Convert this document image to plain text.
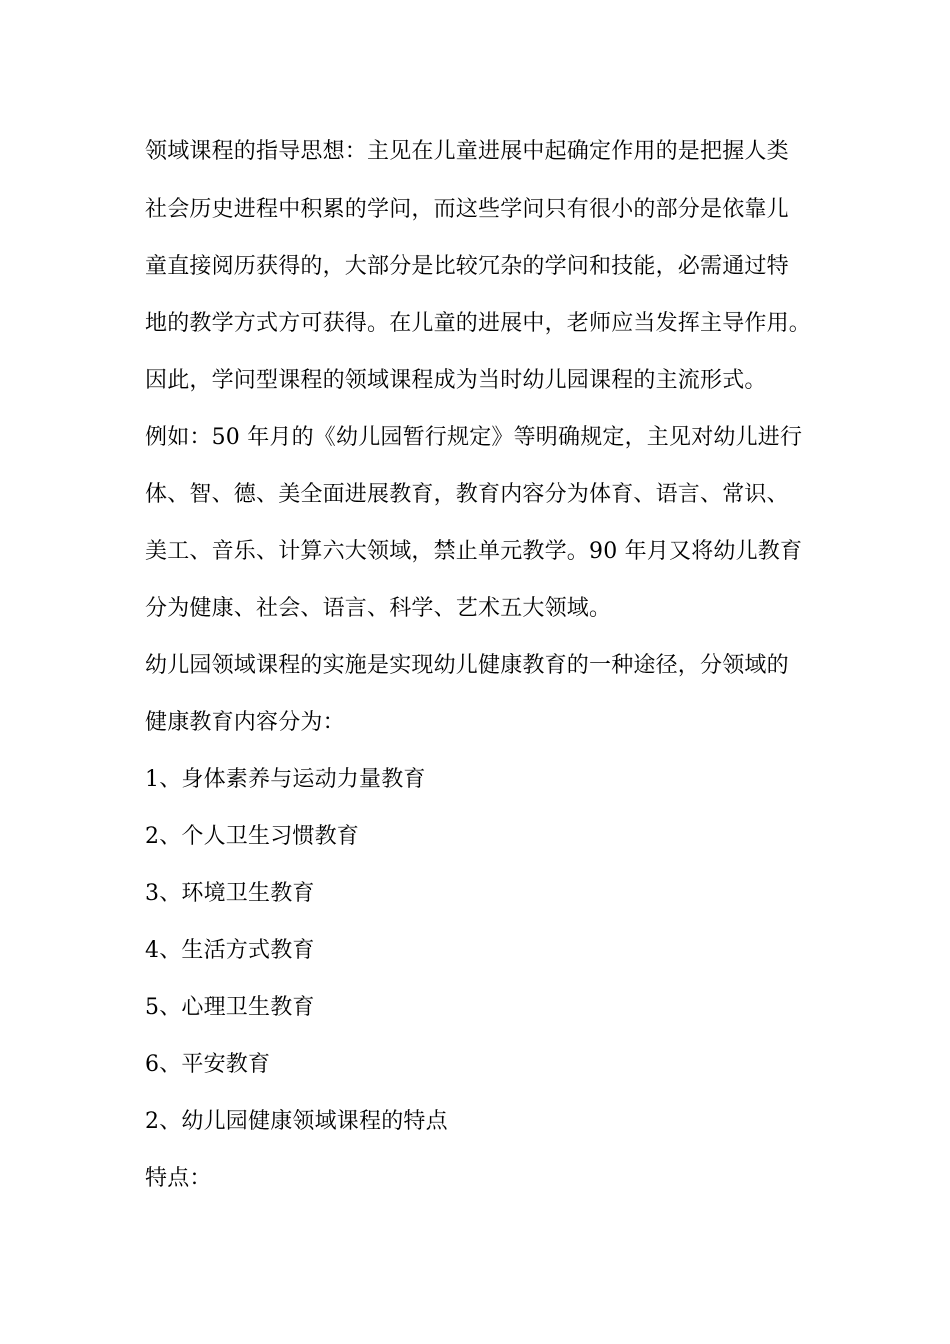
领域课程的指导思想：主见在儿童进展中起确定作用的是把握人类
社会历史进程中积累的学问，而这些学问只有很小的部分是依靠儿
童直接阅历获得的，大部分是比较冗杂的学问和技能，必需通过特
地的教学方式方可获得。在儿童的进展中，老师应当发挥主导作用。
因此，学问型课程的领域课程成为当时幼儿园课程的主流形式。
例如：50 年月的《幼儿园暂行规定》等明确规定，主见对幼儿进行
体、智、德、美全面进展教育，教育内容分为体育、语言、常识、
美工、音乐、计算六大领域，禁止单元教学。90 年月又将幼儿教育
分为健康、社会、语言、科学、艺术五大领域。
幼儿园领域课程的实施是实现幼儿健康教育的一种途径，分领域的
健康教育内容分为：
1、身体素养与运动力量教育
2、个人卫生习惯教育
3、环境卫生教育
4、生活方式教育
5、心理卫生教育
6、平安教育
2、幼儿园健康领域课程的特点
特点：
